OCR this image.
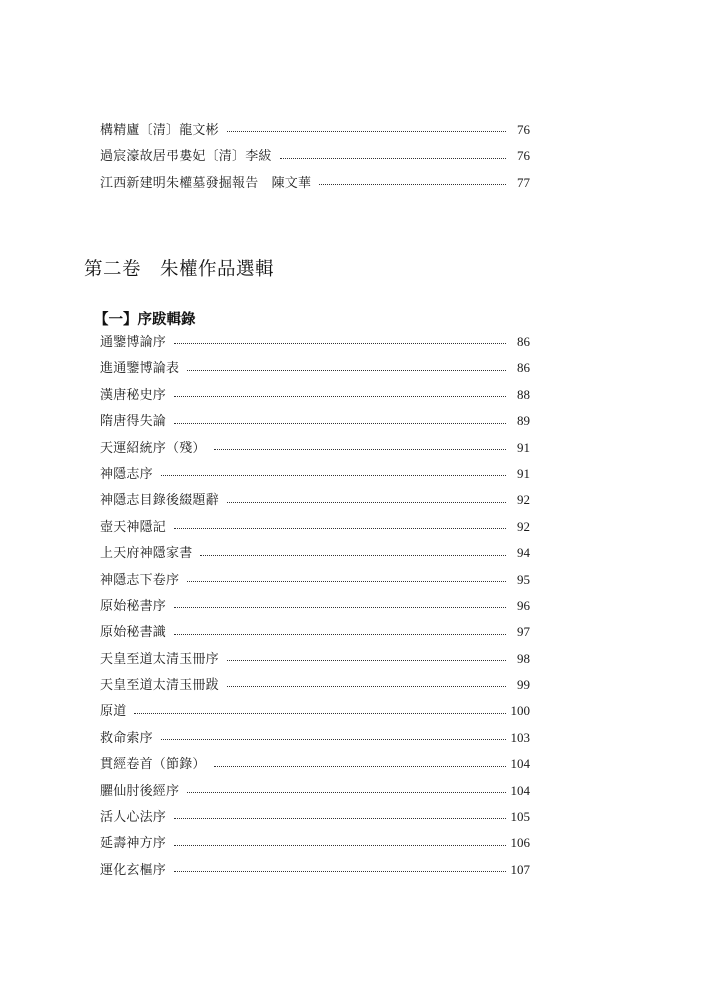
構精廬〔清〕龍文彬	76
過宸濠故居弔婁妃〔清〕李紱	76
江西新建明朱權墓發掘報告　陳文華	77
第二卷　朱權作品選輯
【一】序跋輯錄
通鑒博論序	86
進通鑒博論表	86
漢唐秘史序	88
隋唐得失論	89
天運紹統序（殘）	91
神隱志序	91
神隱志目錄後綴題辭	92
壺天神隱記	92
上天府神隱家書	94
神隱志下卷序	95
原始秘書序	96
原始秘書識	97
天皇至道太清玉冊序	98
天皇至道太清玉冊跋	99
原道	100
救命索序	103
貫經卷首（節錄）	104
臞仙肘後經序	104
活人心法序	105
延壽神方序	106
運化玄樞序	107
